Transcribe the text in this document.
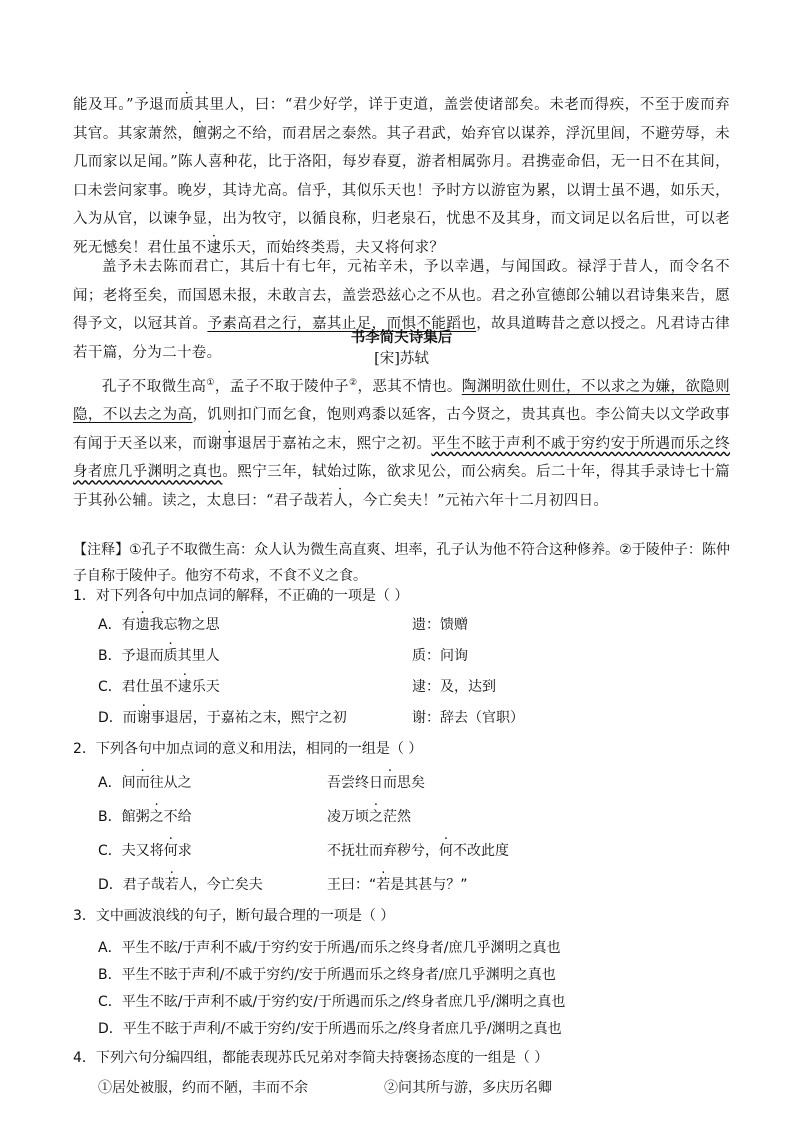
能及耳。”予退而质其里人，曰：“君少好学，详于吏道，盖尝使诸部矣。未老而得疾，不至于废而弃其官。其家萧然，饘粥之不给，而君居之泰然。其子君武，始弃官以谋养，浮沉里闾，不避劳辱，未几而家以足闻。”陈人喜种花，比于洛阳，每岁春夏，游者相属弥月。君携壶命侣，无一日不在其间，口未尝问家事。晚岁，其诗尤高。信乎，其似乐天也！予时方以游宦为累，以谓士虽不遇，如乐天，入为从官，以谏争显，出为牧守，以循良称，归老泉石，忧患不及其身，而文词足以名后世，可以老死无憾矣！君仕虽不逮乐天，而始终类焉，夫又将何求？

盖予未去陈而君亡，其后十有七年，元祐辛未，予以幸遇，与闻国政。禄浮于昔人，而令名不闻；老将至矣，而国恩未报，未敢言去，盖尝恐兹心之不从也。君之孙宣德郎公辅以君诗集来告，愿得予文，以冠其首。予素高君之行，嘉其止足，而惧不能蹈也，故具道畴昔之意以授之。凡君诗古律若干篇，分为二十卷。

书李简夫诗集后

[宋]苏轼

孔子不取微生高①，孟子不取于陵仲子②，恶其不情也。陶渊明欲仕则仕，不以求之为嫌，欲隐则隐，不以去之为高，饥则扣门而乞食，饱则鸡黍以延客，古今贤之，贵其真也。李公简夫以文学政事有闻于天圣以来，而谢事退居于嘉祐之末，熙宁之初。平生不眩于声利不戚于穷约安于所遇而乐之终身者庶几乎渊明之真也。熙宁三年，轼始过陈，欲求见公，而公病矣。后二十年，得其手录诗七十篇于其孙公辅。读之，太息曰：“君子哉若人，今亡矣夫！”元祐六年十二月初四日。

【注释】①孔子不取微生高：众人认为微生高直爽、坦率，孔子认为他不符合这种修养。②于陵仲子：陈仲子自称于陵仲子。他穷不苟求，不食不义之食。

1．对下列各句中加点词的解释，不正确的一项是（ ）

A．有遗我忘物之思	遗：馈赠

B．予退而质其里人	质：问询

C．君仕虽不逮乐天	逮：及，达到

D．而谢事退居，于嘉祐之末，熙宁之初	谢：辞去（官职）

2．下列各句中加点词的意义和用法，相同的一组是（ ）

A．间而往从之	吾尝终日而思矣

B．館粥之不给	凌万顷之茫然

C．夫又将何求	不抚壮而弃秽兮，何不改此度

D．君子哉若人，今亡矣夫	王曰：“若是其甚与？”

3．文中画波浪线的句子，断句最合理的一项是（ ）

A．平生不眩/于声利不戚/于穷约安于所遇/而乐之终身者/庶几乎渊明之真也

B．平生不眩于声利/不戚于穷约/安于所遇而乐之终身者/庶几乎渊明之真也

C．平生不眩/于声利不戚/于穷约安/于所遇而乐之/终身者庶几乎/渊明之真也

D．平生不眩于声利/不戚于穷约/安于所遇而乐之/终身者庶几乎/渊明之真也

4．下列六句分编四组，都能表现苏氏兄弟对李简夫持褒扬态度的一组是（ ）

①居处被服，约而不陋，丰而不余	②问其所与游，多庆历名卿
